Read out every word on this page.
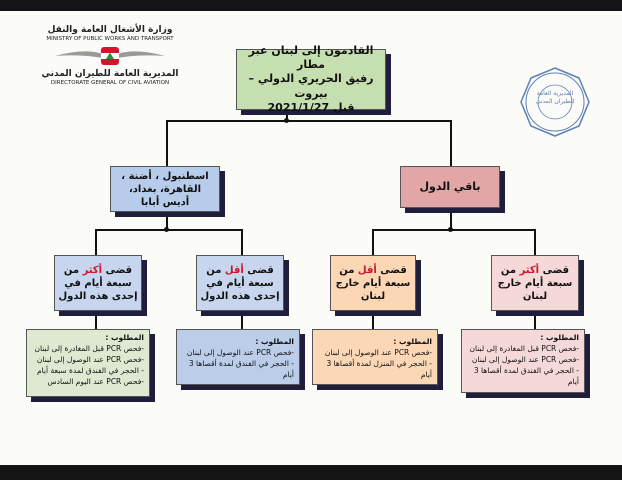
وزارة الأشغال العامة والنقل
MINISTRY OF PUBLIC WORKS AND TRANSPORT
المديرية العامة للطيران المدني
DIRECTORATE GENERAL OF CIVIL AVIATION
المديرية العامة للطيران المدني
القادمون إلى لبنان عبر مطار
رفيق الحريري الدولي – بيروت
قبل 2021/1/27
اسطنبول ، أضنة ،
القاهرة، بغداد،
أديس أبابا
باقي الدول
قضى أكثر من
سبعة أيام في
إحدى هذه الدول
قضى أقل من
سبعة أيام في
إحدى هذه الدول
قضى أقل من
سبعة أيام خارج
لبنان
قضى أكثر من
سبعة أيام خارج
لبنان
المطلوب :
-فحص PCR قبل المغادرة إلى لبنان
-فحص PCR عند الوصول إلى لبنان
- الحجر في الفندق لمدة سبعة أيام
-فحص PCR عند اليوم السادس
المطلوب :
-فحص PCR عند الوصول إلى لبنان
- الحجر في الفندق لمدة أقصاها 3 أيام
المطلوب :
-فحص PCR عند الوصول إلى لبنان
- الحجر في المنزل لمدة أقصاها 3 أيام
المطلوب :
-فحص PCR قبل المغادرة إلى لبنان
-فحص PCR عند الوصول إلى لبنان
- الحجر في الفندق لمدة أقصاها 3 أيام
